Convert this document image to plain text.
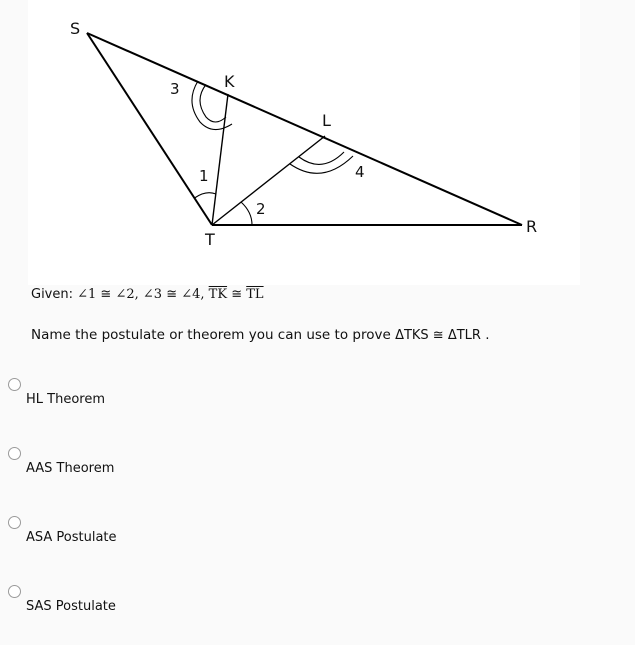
S
K
L
T
R
1
2
3
4
Given: ∠1 ≅ ∠2, ∠3 ≅ ∠4, $\overline{TK}$ ≅ $\overline{TL}$
Name the postulate or theorem you can use to prove ΔTKS ≅ ΔTLR .
HL Theorem
AAS Theorem
ASA Postulate
SAS Postulate
